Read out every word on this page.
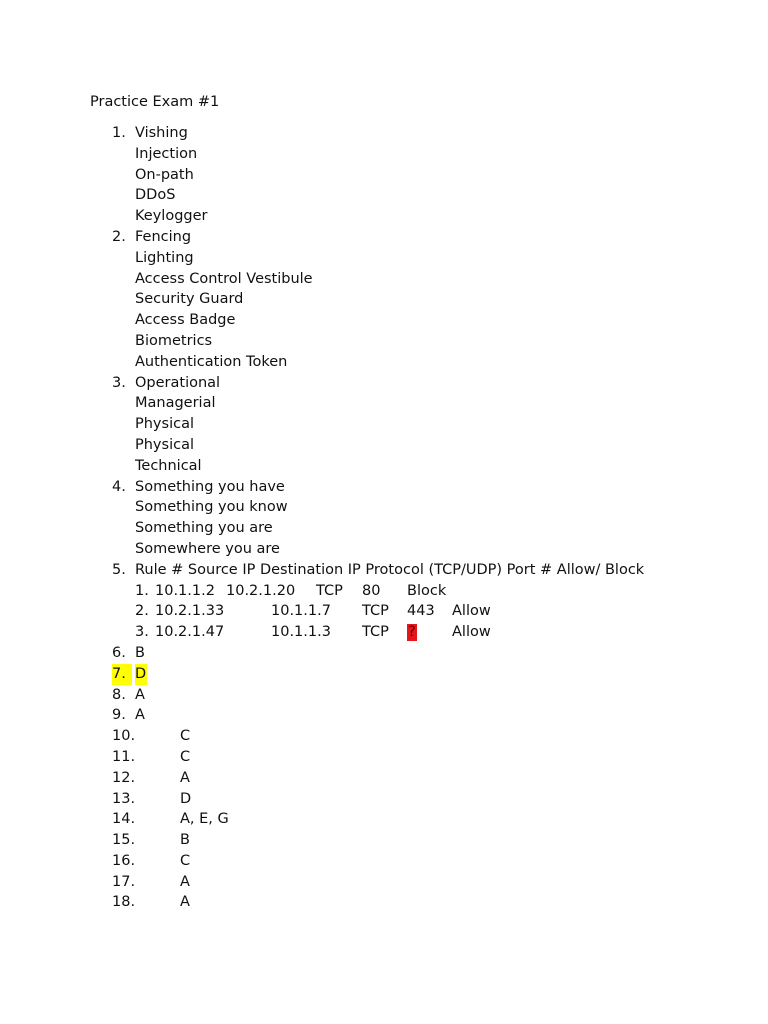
Practice Exam #1
1. Vishing
Injection
On-path
DDoS
Keylogger
2. Fencing
Lighting
Access Control Vestibule
Security Guard
Access Badge
Biometrics
Authentication Token
3. Operational
Managerial
Physical
Physical
Technical
4. Something you have
Something you know
Something you are
Somewhere you are
5. Rule # Source IP Destination IP Protocol (TCP/UDP) Port # Allow/ Block
1. 10.1.1.2 10.2.1.20 TCP 80 Block
2. 10.2.1.33	10.1.1.7 TCP 443 Allow
3. 10.2.1.47	10.1.1.3 TCP ?	Allow
6. B
7. D
8. A
9. A
10.	C
11.	C
12.	A
13.	D
14.	A, E, G
15.	B
16.	C
17.	A
18.	A
